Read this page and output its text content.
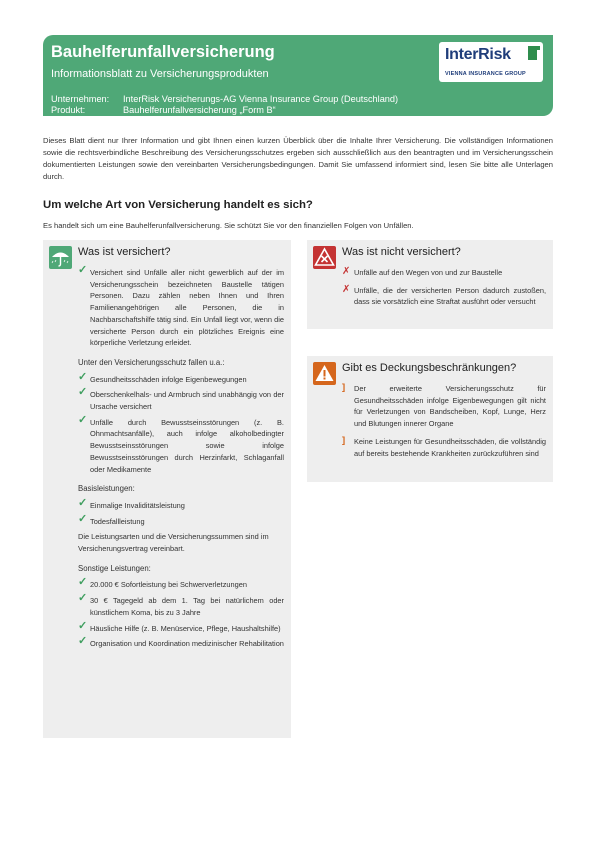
Bauhelferunfallversicherung
Informationsblatt zu Versicherungsprodukten
Unternehmen: InterRisk Versicherungs-AG Vienna Insurance Group (Deutschland)
Produkt:	Bauhelferunfallversicherung „Form B“
InterRisk
VIENNA INSURANCE GROUP
Dieses Blatt dient nur Ihrer Information und gibt Ihnen einen kurzen Überblick über die Inhalte Ihrer Versicherung. Die vollständigen Informationen sowie die rechtsverbindliche Beschreibung des Versicherungsschutzes ergeben sich ausschließlich aus den beantragten und im Versicherungsschein dokumentierten Leistungen sowie den vereinbarten Versicherungsbedingungen. Damit Sie umfassend informiert sind, lesen Sie bitte alle Unterlagen durch.
Um welche Art von Versicherung handelt es sich?
Es handelt sich um eine Bauhelferunfallversicherung. Sie schützt Sie vor den finanziellen Folgen von Unfällen.
Was ist versichert?
✓ Versichert sind Unfälle aller nicht gewerblich auf der im Versicherungsschein bezeichneten Baustelle tätigen Personen. Dazu zählen neben Ihnen und Ihren Familienangehörigen alle Personen, die in Nachbarschaftshilfe tätig sind. Ein Unfall liegt vor, wenn die versicherte Person durch ein plötzliches Ereignis eine körperliche Verletzung erleidet.
Unter den Versicherungsschutz fallen u.a.:
✓ Gesundheitsschäden infolge Eigenbewegungen
✓ Oberschenkelhals- und Armbruch sind unabhängig von der Ursache versichert
✓ Unfälle durch Bewusstseinsstörungen (z. B. Ohnmachtsanfälle), auch infolge alkoholbedingter Bewusstseinsstörungen sowie infolge Bewusstseinsstörungen durch Herzinfarkt, Schlaganfall oder Medikamente
Basisleistungen:
✓ Einmalige Invaliditätsleistung
✓ Todesfallleistung
Die Leistungsarten und die Versicherungssummen sind im Versicherungsvertrag vereinbart.
Sonstige Leistungen:
✓ 20.000 € Sofortleistung bei Schwerverletzungen
✓ 30 € Tagegeld ab dem 1. Tag bei natürlichem oder künstlichem Koma, bis zu 3 Jahre
✓ Häusliche Hilfe (z. B. Menüservice, Pflege, Haushaltshilfe)
✓ Organisation und Koordination medizinischer Rehabilitation
Was ist nicht versichert?
✗ Unfälle auf den Wegen von und zur Baustelle
✗ Unfälle, die der versicherten Person dadurch zustoßen, dass sie vorsätzlich eine Straftat ausführt oder versucht
Gibt es Deckungsbeschränkungen?
] Der erweiterte Versicherungsschutz für Gesundheitsschäden infolge Eigenbewegungen gilt nicht für Verletzungen von Bandscheiben, Kopf, Lunge, Herz und Blutungen innerer Organe
] Keine Leistungen für Gesundheitsschäden, die vollständig auf bereits bestehende Krankheiten zurückzuführen sind
